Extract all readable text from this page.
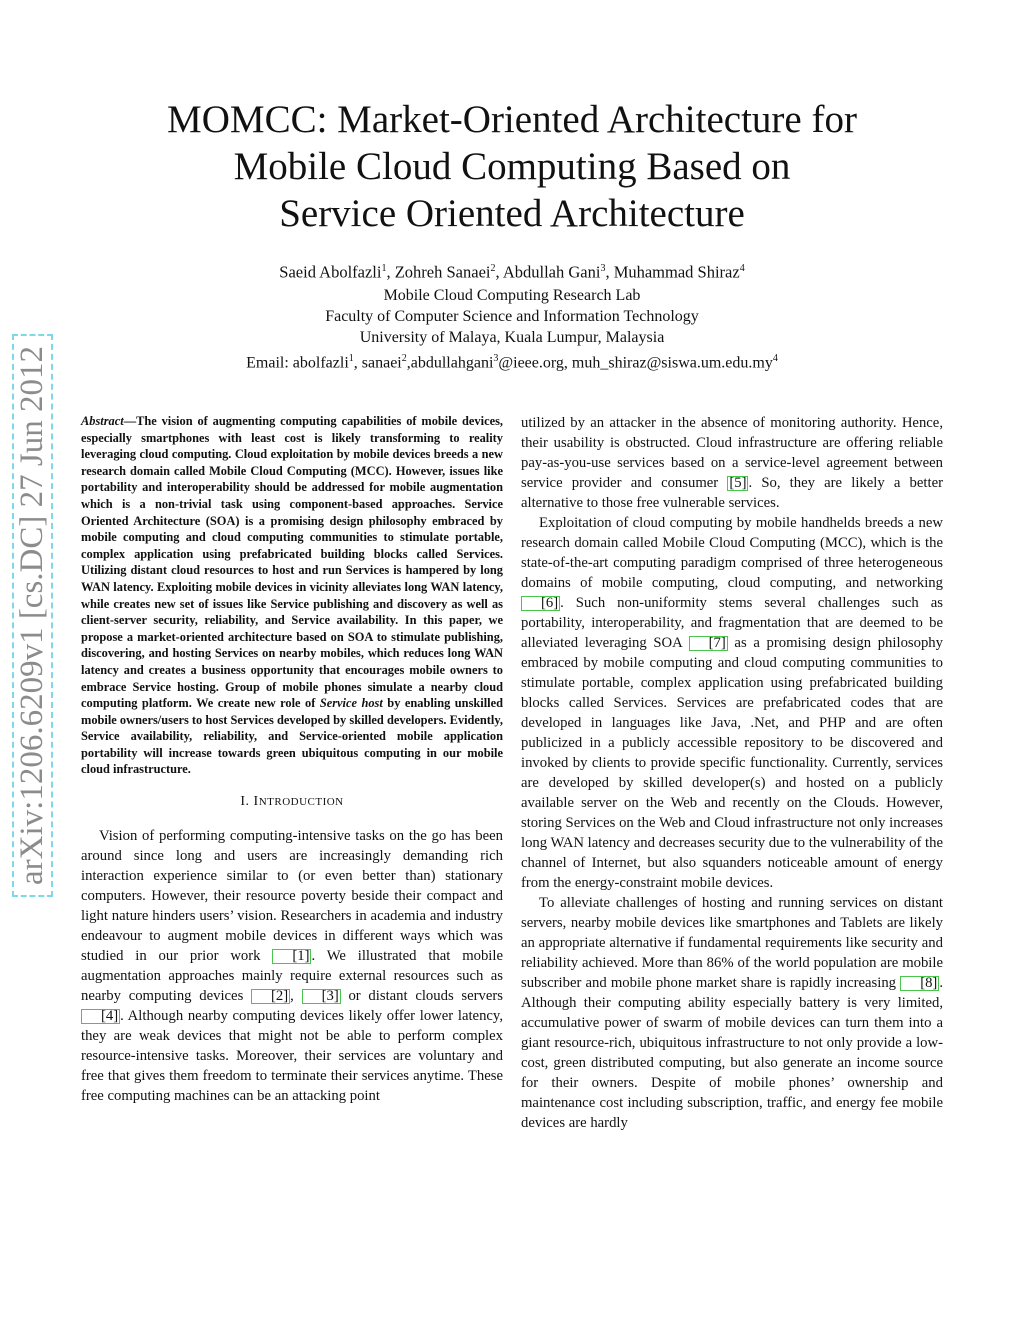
arXiv:1206.6209v1 [cs.DC] 27 Jun 2012
MOMCC: Market-Oriented Architecture for
Mobile Cloud Computing Based on
Service Oriented Architecture
Saeid Abolfazli$^1$, Zohreh Sanaei$^2$, Abdullah Gani$^3$, Muhammad Shiraz$^4$
Mobile Cloud Computing Research Lab
Faculty of Computer Science and Information Technology
University of Malaya, Kuala Lumpur, Malaysia
Email: abolfazli$^1$, sanaei$^2$,abdullahgani$^3$@ieee.org, $muh\_shiraz@siswa.um.edu.my^4$

Abstract—The vision of augmenting computing capabilities of mobile devices, especially smartphones with least cost is likely transforming to reality leveraging cloud computing. Cloud exploitation by mobile devices breeds a new research domain called Mobile Cloud Computing (MCC). However, issues like portability and interoperability should be addressed for mobile augmentation which is a non-trivial task using component-based approaches. Service Oriented Architecture (SOA) is a promising design philosophy embraced by mobile computing and cloud computing communities to stimulate portable, complex application using prefabricated building blocks called Services. Utilizing distant cloud resources to host and run Services is hampered by long WAN latency. Exploiting mobile devices in vicinity alleviates long WAN latency, while creates new set of issues like Service publishing and discovery as well as client-server security, reliability, and Service availability. In this paper, we propose a market-oriented architecture based on SOA to stimulate publishing, discovering, and hosting Services on nearby mobiles, which reduces long WAN latency and creates a business opportunity that encourages mobile owners to embrace Service hosting. Group of mobile phones simulate a nearby cloud computing platform. We create new role of Service host by enabling unskilled mobile owners/users to host Services developed by skilled developers. Evidently, Service availability, reliability, and Service-oriented mobile application portability will increase towards green ubiquitous computing in our mobile cloud infrastructure.

I. INTRODUCTION

Vision of performing computing-intensive tasks on the go has been around since long and users are increasingly demanding rich interaction experience similar to (or even better than) stationary computers. However, their resource poverty beside their compact and light nature hinders users’ vision. Researchers in academia and industry endeavour to augment mobile devices in different ways which was studied in our prior work [1] . We illustrated that mobile augmentation approaches mainly require external resources such as nearby computing devices [2] , [3] or distant clouds servers[4] . Although nearby computing devices likely offer lower latency, they are weak devices that might not be able to perform complex resource-intensive tasks. Moreover, their services are voluntary and free that gives them freedom to terminate their services anytime. These free computing machines can be an attacking point

utilized by an attacker in the absence of monitoring authority. Hence, their usability is obstructed. Cloud infrastructure are offering reliable pay-as-you-use services based on a service-level agreement between service provider and consumer [5] . So, they are likely a better alternative to those free vulnerable services.

Exploitation of cloud computing by mobile handhelds breeds a new research domain called Mobile Cloud Computing (MCC), which is the state-of-the-art computing paradigm comprised of three heterogeneous domains of mobile computing, cloud computing, and networking [6] . Such non-uniformity stems several challenges such as portability, interoperability, and fragmentation that are deemed to be alleviated leveraging SOA [7] as a promising design philosophy embraced by mobile computing and cloud computing communities to stimulate portable, complex application using prefabricated building blocks called Services. Services are prefabricated codes that are developed in languages like Java, .Net, and PHP and are often publicized in a publicly accessible repository to be discovered and invoked by clients to provide specific functionality. Currently, services are developed by skilled developer(s) and hosted on a publicly available server on the Web and recently on the Clouds. However, storing Services on the Web and Cloud infrastructure not only increases long WAN latency and decreases security due to the vulnerability of the channel of Internet, but also squanders noticeable amount of energy from the energy-constraint mobile devices.

To alleviate challenges of hosting and running services on distant servers, nearby mobile devices like smartphones and Tablets are likely an appropriate alternative if fundamental requirements like security and reliability achieved. More than 86% of the world population are mobile subscriber and mobile phone market share is rapidly increasing [8] . Although their computing ability especially battery is very limited, accumulative power of swarm of mobile devices can turn them into a giant resource-rich, ubiquitous infrastructure to not only provide a low-cost, green distributed computing, but also generate an income source for their owners. Despite of mobile phones’ ownership and maintenance cost including subscription, traffic, and energy fee mobile devices are hardly
